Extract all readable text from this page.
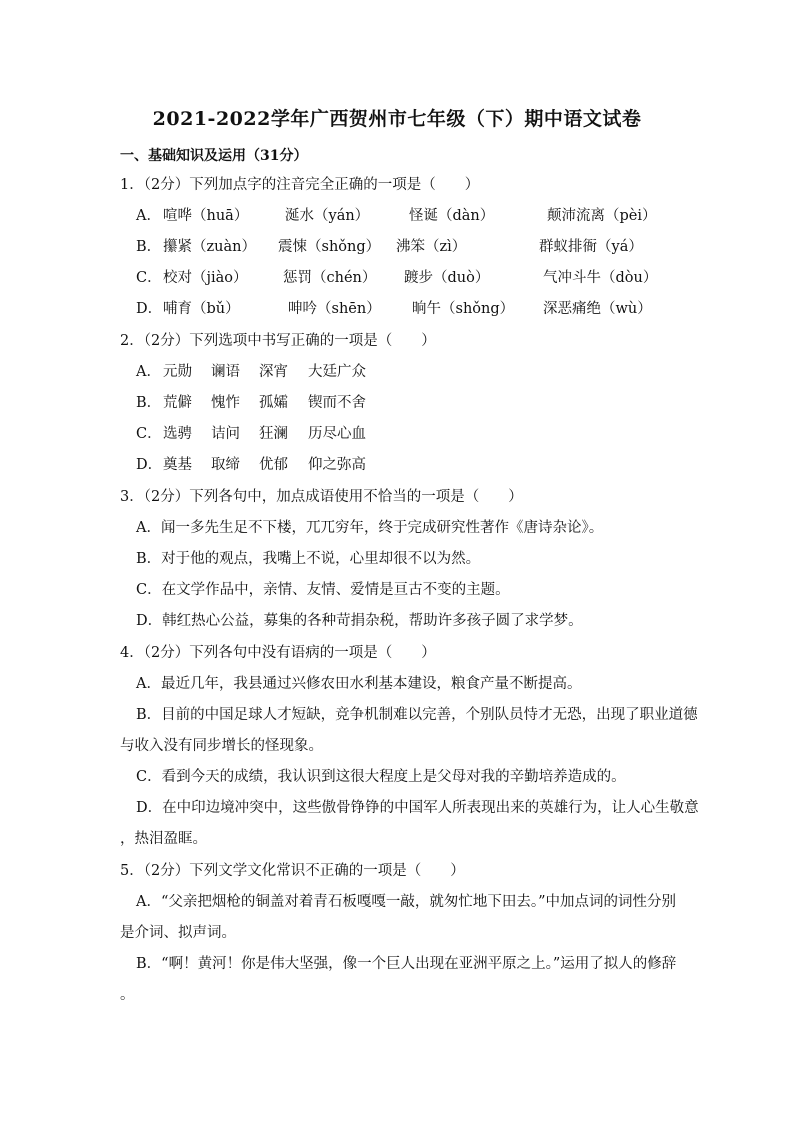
2021-2022学年广西贺州市七年级（下）期中语文试卷
一、基础知识及运用（31分）
1．（2分）下列加点字的注音完全正确的一项是（　　）
A． 喧哗（huā）	涎水（yán）	怪诞（dàn）	颠沛流离（pèi）
B． 攥紧（zuàn） 震悚（shǒng） 沸笨（zì）	群蚁排衙（yá）
C． 校对（jiào） 惩罚（chén） 踱步（duò）	气冲斗牛（dòu）
D． 哺育（bǔ）	呻吟（shēn） 晌午（shǒng） 深恶痛绝（wù）
2．（2分）下列选项中书写正确的一项是（　　）
A． 元勋 谰语 深宵 大廷广众
B． 荒僻 愧怍 孤孀 锲而不舍
C． 选骋 诘问 狂澜 历尽心血
D． 奠基 取缔 优郁 仰之弥高
3．（2分）下列各句中，加点成语使用不恰当的一项是（　　）
A．闻一多先生足不下楼，兀兀穷年，终于完成研究性著作《唐诗杂论》。
B．对于他的观点，我嘴上不说，心里却很不以为然。
C．在文学作品中，亲情、友情、爱情是亘古不变的主题。
D．韩红热心公益，募集的各种苛捐杂税，帮助许多孩子圆了求学梦。
4．（2分）下列各句中没有语病的一项是（　　）
A．最近几年，我县通过兴修农田水利基本建设，粮食产量不断提高。
B．目前的中国足球人才短缺，竞争机制难以完善，个别队员恃才无恐，出现了职业道德
与收入没有同步增长的怪现象。
C．看到今天的成绩，我认识到这很大程度上是父母对我的辛勤培养造成的。
D．在中印边境冲突中，这些傲骨铮铮的中国军人所表现出来的英雄行为，让人心生敬意
，热泪盈眶。
5．（2分）下列文学文化常识不正确的一项是（　　）
A．“父亲把烟枪的铜盖对着青石板嘎嘎一敲，就匆忙地下田去。”中加点词的词性分别
是介词、拟声词。
B．“啊！黄河！你是伟大坚强，像一个巨人出现在亚洲平原之上。”运用了拟人的修辞
。
